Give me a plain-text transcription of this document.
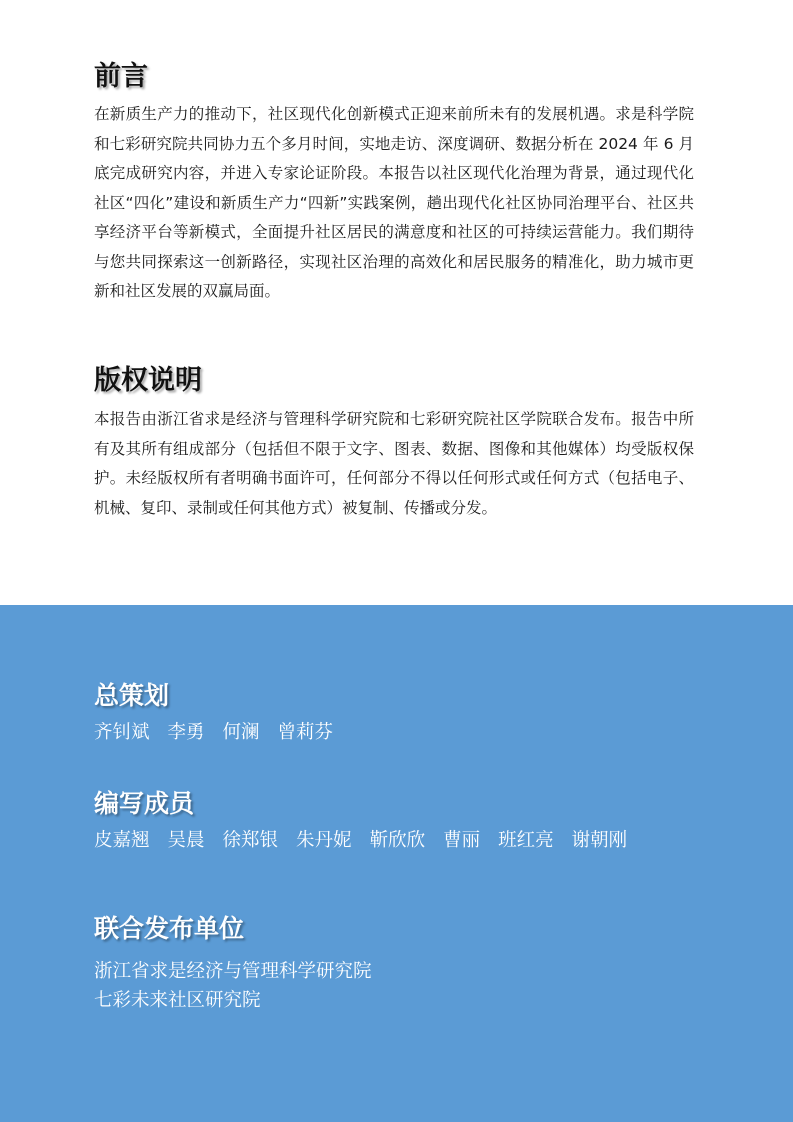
前言

在新质生产力的推动下，社区现代化创新模式正迎来前所未有的发展机遇。求是科学院和七彩研究院共同协力五个多月时间，实地走访、深度调研、数据分析在 2024 年 6 月底完成研究内容，并进入专家论证阶段。本报告以社区现代化治理为背景，通过现代化社区“四化”建设和新质生产力“四新”实践案例，趟出现代化社区协同治理平台、社区共享经济平台等新模式，全面提升社区居民的满意度和社区的可持续运营能力。我们期待与您共同探索这一创新路径，实现社区治理的高效化和居民服务的精准化，助力城市更新和社区发展的双赢局面。

版权说明

本报告由浙江省求是经济与管理科学研究院和七彩研究院社区学院联合发布。报告中所有及其所有组成部分（包括但不限于文字、图表、数据、图像和其他媒体）均受版权保护。未经版权所有者明确书面许可，任何部分不得以任何形式或任何方式（包括电子、机械、复印、录制或任何其他方式）被复制、传播或分发。

总策划
齐钊斌 李勇 何澜 曾莉芬
编写成员
皮嘉翘 吴晨 徐郑银 朱丹妮 靳欣欣 曹丽 班红亮 谢朝刚
联合发布单位
浙江省求是经济与管理科学研究院
七彩未来社区研究院
